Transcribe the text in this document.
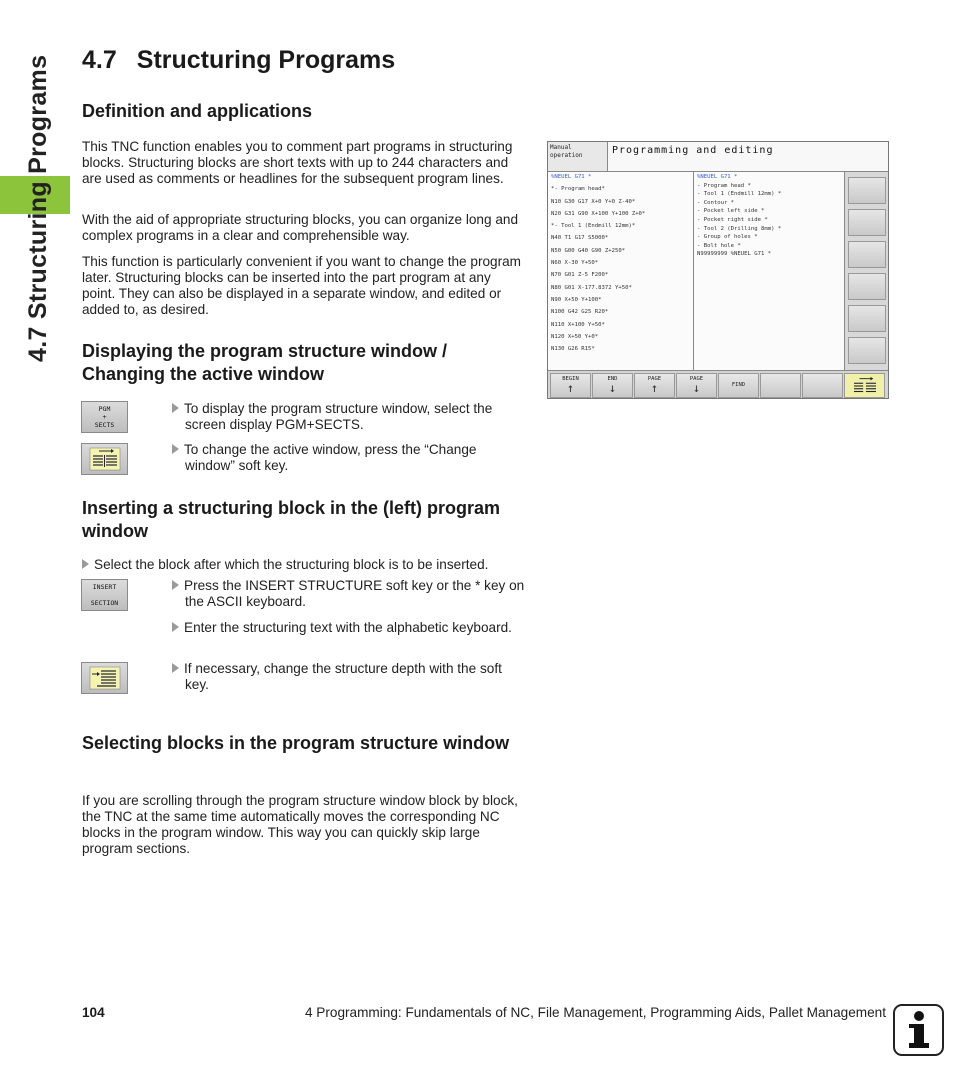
4.7 Structuring Programs	4.7 Structuring Programs
Definition and applications
This TNC function enables you to comment part programs in structuring blocks. Structuring blocks are short texts with up to 244 characters and are used as comments or headlines for the subsequent program lines.
With the aid of appropriate structuring blocks, you can organize long and complex programs in a clear and comprehensible way.
This function is particularly convenient if you want to change the program later. Structuring blocks can be inserted into the part program at any point. They can also be displayed in a separate window, and edited or added to, as desired.
Displaying the program structure window / Changing the active window
PGM
+
SECTS
To display the program structure window, select the screen display PGM+SECTS.
To change the active window, press the “Change window” soft key.
Inserting a structuring block in the (left) program window
Select the block after which the structuring block is to be inserted.
INSERT
SECTION
Press the INSERT STRUCTURE soft key or the * key on the ASCII keyboard.
Enter the structuring text with the alphabetic keyboard.
If necessary, change the structure depth with the soft key.
Selecting blocks in the program structure window
If you are scrolling through the program structure window block by block, the TNC at the same time automatically moves the corresponding NC blocks in the program window. This way you can quickly skip large program sections.
Manual
operation	Programming and editing
%NEUEL G71 *
*- Program head*
N10 G30 G17 X+0 Y+0 Z-40*
N20 G31 G90 X+100 Y+100 Z+0*
*- Tool 1 (Endmill 12mm)*
N40 T1 G17 S5000*
N50 G00 G40 G90 Z+250*
N60 X-30 Y+50*
N70 G01 Z-5 F200*
N80 G01 X-177.8372 Y+50*
N90 X+50 Y+100*
N100 G42 G25 R20*
N110 X+100 Y+50*
N120 X+50 Y+0*
N130 G26 R15*
%NEUEL G71 *
- Program head *
- Tool 1 (Endmill 12mm) *
- Contour *
- Pocket left side *
- Pocket right side *
- Tool 2 (Drilling 8mm) *
- Group of holes *
- Bolt hole *
N99999999 %NEUEL G71 *
BEGIN
↑
END
↓
PAGE
↑
PAGE
↓	FIND
104	4 Programming: Fundamentals of NC, File Management, Programming Aids, Pallet Management
